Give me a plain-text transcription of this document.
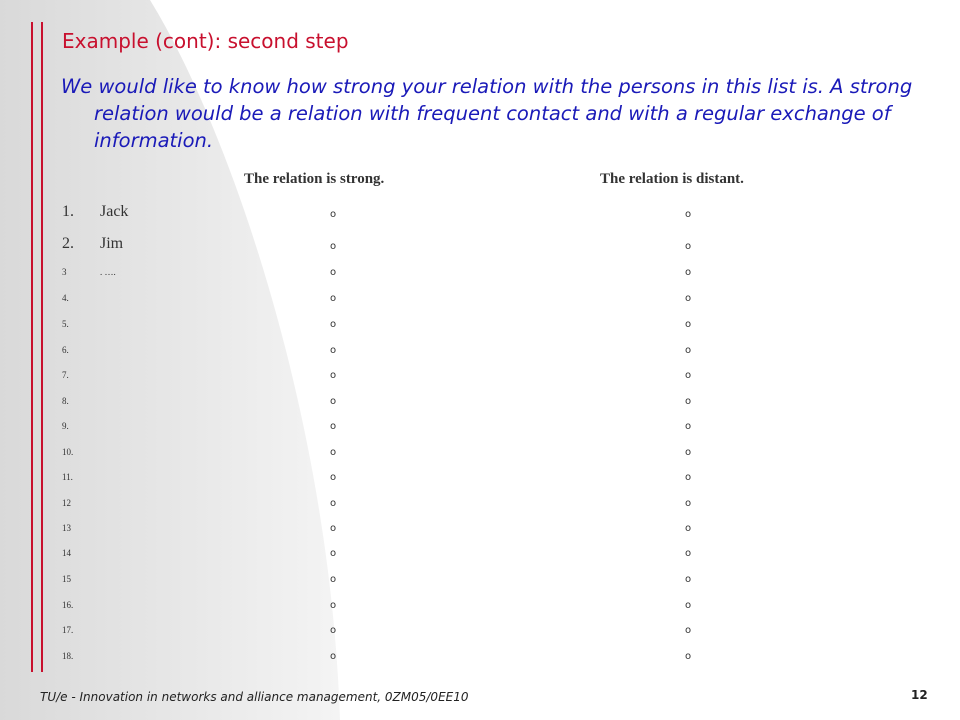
Example (cont): second step
We would like to know how strong your relation with the persons in this list is. A strong relation would be a relation with frequent contact and with a regular exchange of information.
The relation is strong.	The relation is distant.
1. Jack	o	o
2. Jim	o	o
3	. ….	o	o
4.	o	o
5.	o	o
6.	o	o
7.	o	o
8.	o	o
9.	o	o
10.	o	o
11.	o	o
12	o	o
13	o	o
14	o	o
15	o	o
16.	o	o
17.	o	o
18.	o	o
TU/e - Innovation in networks and alliance management, 0ZM05/0EE10	12
